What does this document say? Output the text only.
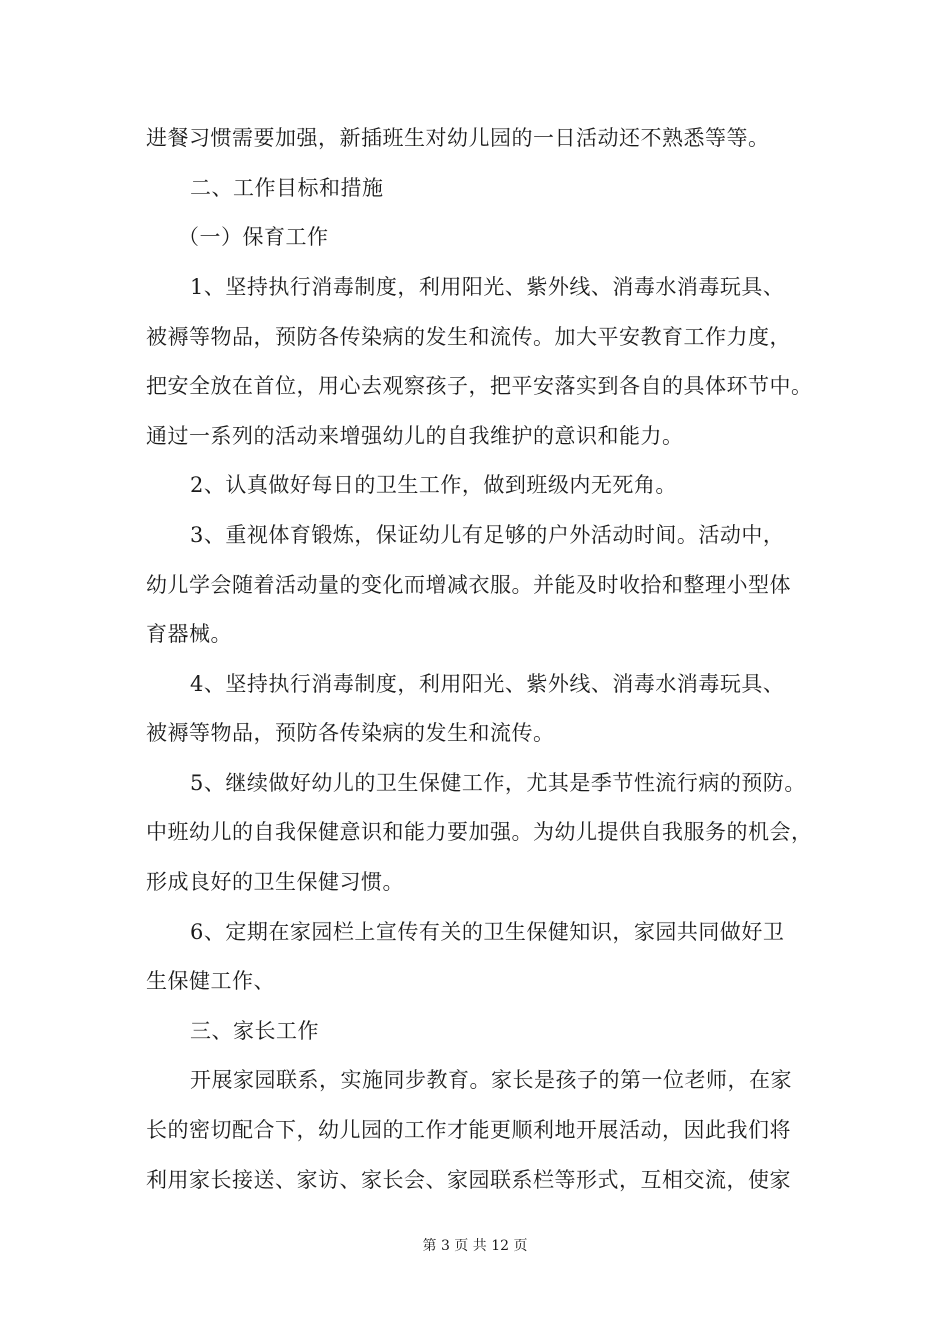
进餐习惯需要加强，新插班生对幼儿园的一日活动还不熟悉等等。
二、工作目标和措施
（一）保育工作
1、坚持执行消毒制度，利用阳光、紫外线、消毒水消毒玩具、
被褥等物品，预防各传染病的发生和流传。加大平安教育工作力度，
把安全放在首位，用心去观察孩子，把平安落实到各自的具体环节中。
通过一系列的活动来增强幼儿的自我维护的意识和能力。
2、认真做好每日的卫生工作，做到班级内无死角。
3、重视体育锻炼，保证幼儿有足够的户外活动时间。活动中，
幼儿学会随着活动量的变化而增减衣服。并能及时收拾和整理小型体
育器械。
4、坚持执行消毒制度，利用阳光、紫外线、消毒水消毒玩具、
被褥等物品，预防各传染病的发生和流传。
5、继续做好幼儿的卫生保健工作，尤其是季节性流行病的预防。
中班幼儿的自我保健意识和能力要加强。为幼儿提供自我服务的机会，
形成良好的卫生保健习惯。
6、定期在家园栏上宣传有关的卫生保健知识，家园共同做好卫
生保健工作、
三、家长工作
开展家园联系，实施同步教育。家长是孩子的第一位老师，在家
长的密切配合下，幼儿园的工作才能更顺利地开展活动，因此我们将
利用家长接送、家访、家长会、家园联系栏等形式，互相交流，使家
第 3 页 共 12 页
